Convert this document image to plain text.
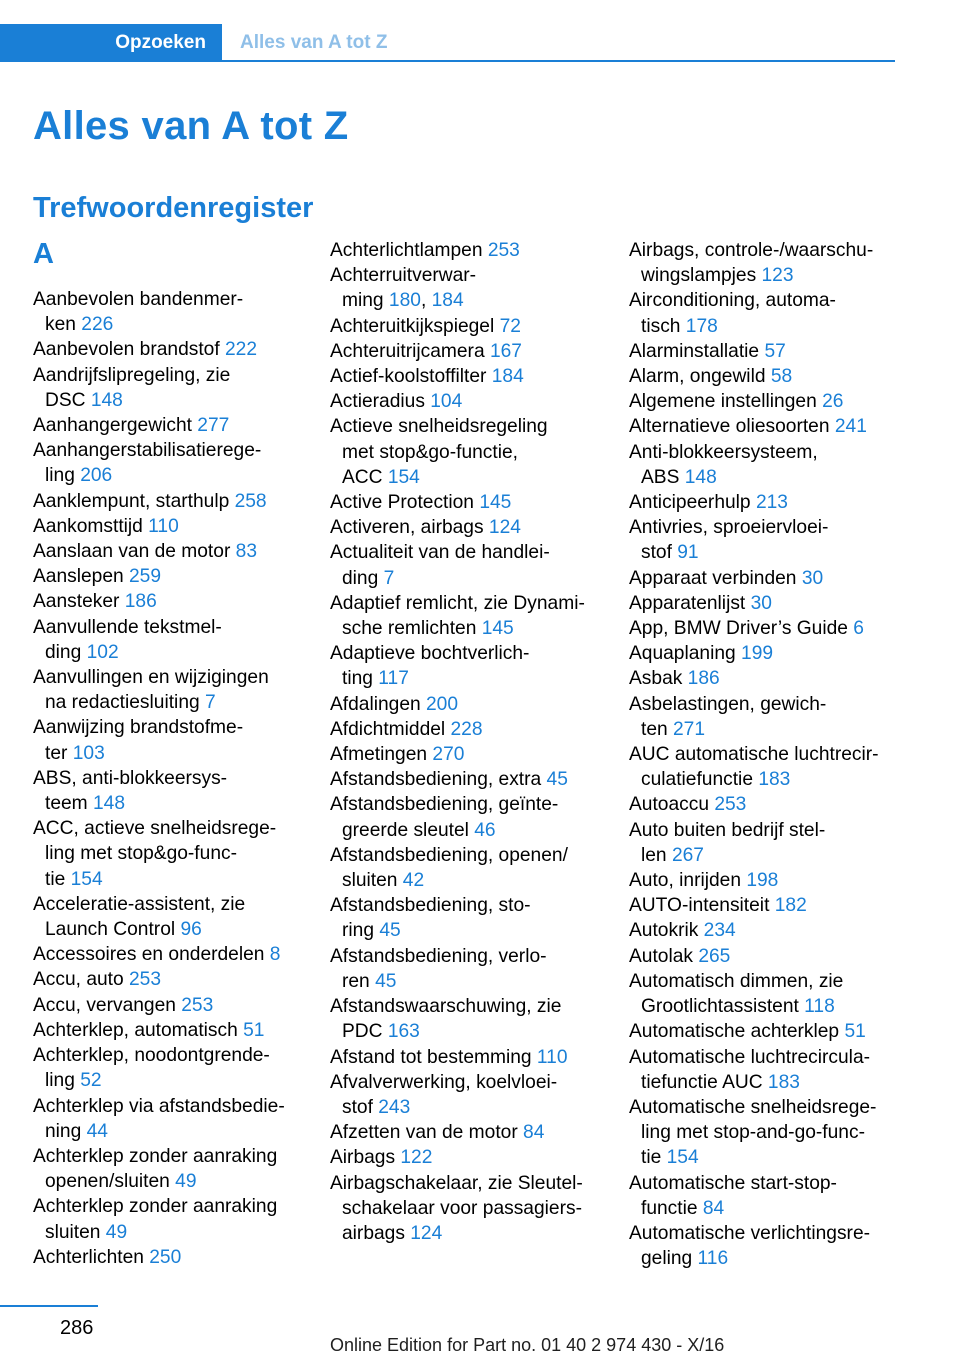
Opzoeken Alles van A tot Z
Alles van A tot Z
Trefwoordenregister
A
Aanbevolen bandenmer-
ken 226
Aanbevolen brandstof 222
Aandrijfslipregeling, zie
DSC 148
Aanhangergewicht 277
Aanhangerstabilisatierege-
ling 206
Aanklempunt, starthulp 258
Aankomsttijd 110
Aanslaan van de motor 83
Aanslepen 259
Aansteker 186
Aanvullende tekstmel-
ding 102
Aanvullingen en wijzigingen
na redactiesluiting 7
Aanwijzing brandstofme-
ter 103
ABS, anti-blokkeersys-
teem 148
ACC, actieve snelheidsrege-
ling met stop&go-func-
tie 154
Acceleratie-assistent, zie
Launch Control 96
Accessoires en onderdelen 8
Accu, auto 253
Accu, vervangen 253
Achterklep, automatisch 51
Achterklep, noodontgrende-
ling 52
Achterklep via afstandsbedie-
ning 44
Achterklep zonder aanraking
openen/sluiten 49
Achterklep zonder aanraking
sluiten 49
Achterlichten 250
Achterlichtlampen 253
Achterruitverwar-
ming 180, 184
Achteruitkijkspiegel 72
Achteruitrijcamera 167
Actief-koolstoffilter 184
Actieradius 104
Actieve snelheidsregeling
met stop&go-functie,
ACC 154
Active Protection 145
Activeren, airbags 124
Actualiteit van de handlei-
ding 7
Adaptief remlicht, zie Dynami-
sche remlichten 145
Adaptieve bochtverlich-
ting 117
Afdalingen 200
Afdichtmiddel 228
Afmetingen 270
Afstandsbediening, extra 45
Afstandsbediening, geïnte-
greerde sleutel 46
Afstandsbediening, openen/
sluiten 42
Afstandsbediening, sto-
ring 45
Afstandsbediening, verlo-
ren 45
Afstandswaarschuwing, zie
PDC 163
Afstand tot bestemming 110
Afvalverwerking, koelvloei-
stof 243
Afzetten van de motor 84
Airbags 122
Airbagschakelaar, zie Sleutel-
schakelaar voor passagiers-
airbags 124
Airbags, controle-/waarschu-
wingslampjes 123
Airconditioning, automa-
tisch 178
Alarminstallatie 57
Alarm, ongewild 58
Algemene instellingen 26
Alternatieve oliesoorten 241
Anti-blokkeersysteem,
ABS 148
Anticipeerhulp 213
Antivries, sproeiervloei-
stof 91
Apparaat verbinden 30
Apparatenlijst 30
App, BMW Driver’s Guide 6
Aquaplaning 199
Asbak 186
Asbelastingen, gewich-
ten 271
AUC automatische luchtrecir-
culatiefunctie 183
Autoaccu 253
Auto buiten bedrijf stel-
len 267
Auto, inrijden 198
AUTO-intensiteit 182
Autokrik 234
Autolak 265
Automatisch dimmen, zie
Grootlichtassistent 118
Automatische achterklep 51
Automatische luchtrecircula-
tiefunctie AUC 183
Automatische snelheidsrege-
ling met stop-and-go-func-
tie 154
Automatische start-stop-
functie 84
Automatische verlichtingsre-
geling 116
286
Online Edition for Part no. 01 40 2 974 430 - X/16
